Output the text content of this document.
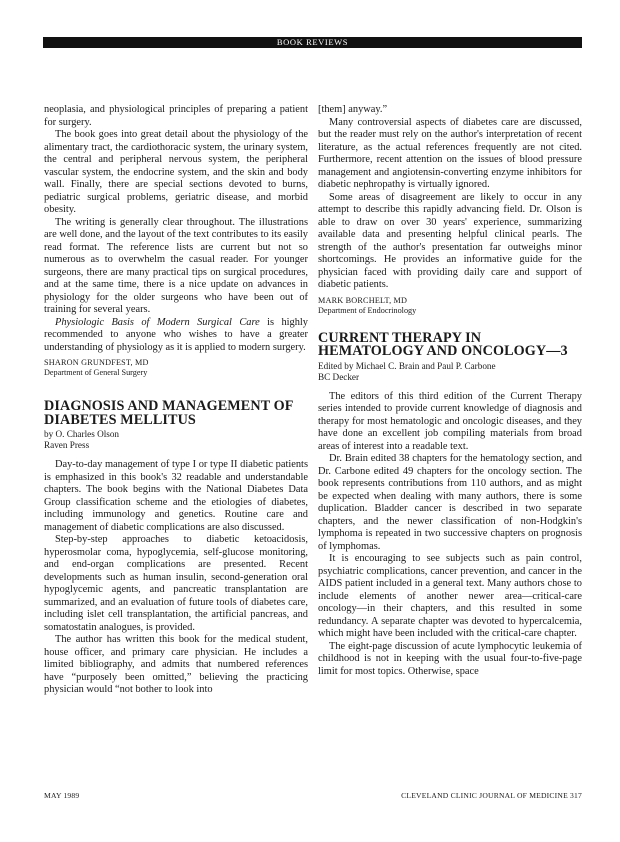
BOOK REVIEWS

neoplasia, and physiological principles of preparing a patient for surgery.

The book goes into great detail about the physiology of the alimentary tract, the cardiothoracic system, the urinary system, the central and peripheral nervous system, the peripheral vascular system, the endocrine system, and the skin and body wall. Finally, there are special sections devoted to burns, pediatric surgical problems, geriatric disease, and morbid obesity.

The writing is generally clear throughout. The illustrations are well done, and the layout of the text contributes to its easily read format. The reference lists are current but not so numerous as to overwhelm the casual reader. For younger surgeons, there are many practical tips on surgical procedures, and at the same time, there is a nice update on advances in physiology for the older surgeons who have been out of training for several years.

Physiologic Basis of Modern Surgical Care is highly recommended to anyone who wishes to have a greater understanding of physiology as it is applied to modern surgery.

SHARON GRUNDFEST, MD
Department of General Surgery
DIAGNOSIS AND MANAGEMENT OF DIABETES MELLITUS
by O. Charles Olson
Raven Press

Day-to-day management of type I or type II diabetic patients is emphasized in this book's 32 readable and understandable chapters. The book begins with the National Diabetes Data Group classification scheme and the etiologies of diabetes, including immunology and genetics. Routine care and management of diabetic complications are also discussed.

Step-by-step approaches to diabetic ketoacidosis, hyperosmolar coma, hypoglycemia, self-glucose monitoring, and end-organ complications are presented. Recent developments such as human insulin, second-generation oral hypoglycemic agents, and pancreatic transplantation are summarized, and an evaluation of future tools of diabetes care, including islet cell transplantation, the artificial pancreas, and somatostatin analogues, is provided.

The author has written this book for the medical student, house officer, and primary care physician. He includes a limited bibliography, and admits that numbered references have “purposely been omitted,” believing the practicing physician would “not bother to look into

[them] anyway.”

Many controversial aspects of diabetes care are discussed, but the reader must rely on the author's interpretation of recent literature, as the actual references frequently are not cited. Furthermore, recent attention on the issues of blood pressure management and angiotensin-converting enzyme inhibitors for diabetic nephropathy is virtually ignored.

Some areas of disagreement are likely to occur in any attempt to describe this rapidly advancing field. Dr. Olson is able to draw on over 30 years' experience, summarizing available data and presenting helpful clinical pearls. The strength of the author's presentation far outweighs minor shortcomings. He provides an informative guide for the physician faced with providing daily care and support of diabetic patients.

MARK BORCHELT, MD
Department of Endocrinology
CURRENT THERAPY IN HEMATOLOGY AND ONCOLOGY—3
Edited by Michael C. Brain and Paul P. Carbone
BC Decker

The editors of this third edition of the Current Therapy series intended to provide current knowledge of diagnosis and therapy for most hematologic and oncologic diseases, and they have done an excellent job compiling materials from broad areas of interest into a readable text.

Dr. Brain edited 38 chapters for the hematology section, and Dr. Carbone edited 49 chapters for the oncology section. The book represents contributions from 110 authors, and as might be expected when dealing with many authors, there is some duplication. Bladder cancer is described in two separate chapters, and the newer classification of non-Hodgkin's lymphoma is repeated in two successive chapters on prognosis of lymphomas.

It is encouraging to see subjects such as pain control, psychiatric complications, cancer prevention, and cancer in the AIDS patient included in a general text. Many authors chose to include elements of another newer area—critical-care oncology—in their chapters, and this resulted in some redundancy. A separate chapter was devoted to hypercalcemia, which might have been included with the critical-care chapter.

The eight-page discussion of acute lymphocytic leukemia of childhood is not in keeping with the usual four-to-five-page limit for most topics. Otherwise, space

MAY 1989	CLEVELAND CLINIC JOURNAL OF MEDICINE 317
